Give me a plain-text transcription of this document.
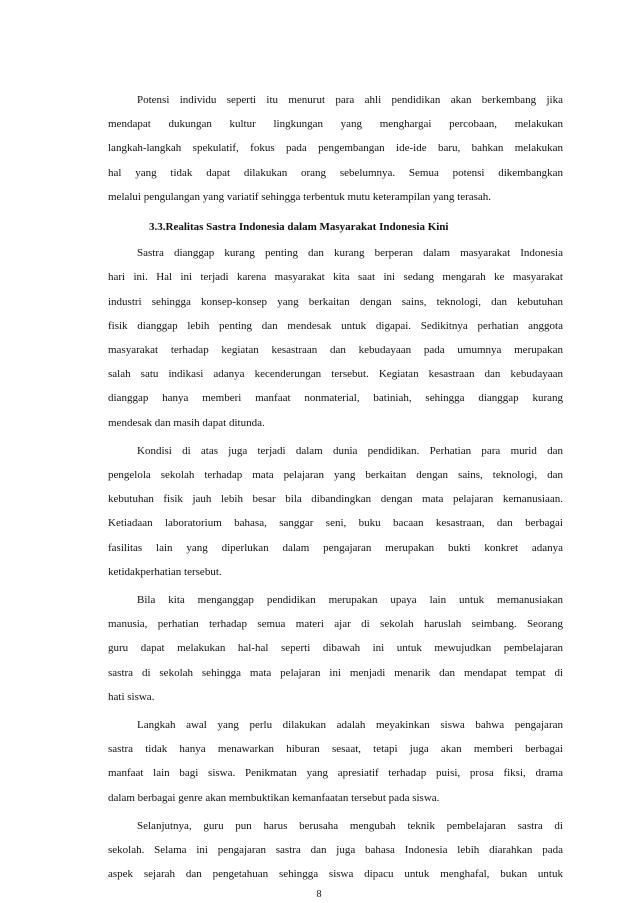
Potensi individu seperti itu menurut para ahli pendidikan akan berkembang jika
mendapat dukungan kultur lingkungan yang menghargai percobaan, melakukan
langkah-langkah spekulatif, fokus pada pengembangan ide-ide baru, bahkan melakukan
hal yang tidak dapat dilakukan orang sebelumnya. Semua potensi dikembangkan
melalui pengulangan yang variatif sehingga terbentuk mutu keterampilan yang terasah.
3.3.Realitas Sastra Indonesia dalam Masyarakat Indonesia Kini
Sastra dianggap kurang penting dan kurang berperan dalam masyarakat Indonesia
hari ini. Hal ini terjadi karena masyarakat kita saat ini sedang mengarah ke masyarakat
industri sehingga konsep-konsep yang berkaitan dengan sains, teknologi, dan kebutuhan
fisik dianggap lebih penting dan mendesak untuk digapai. Sedikitnya perhatian anggota
masyarakat terhadap kegiatan kesastraan dan kebudayaan pada umumnya merupakan
salah satu indikasi adanya kecenderungan tersebut. Kegiatan kesastraan dan kebudayaan
dianggap hanya memberi manfaat nonmaterial, batiniah, sehingga dianggap kurang
mendesak dan masih dapat ditunda.
Kondisi di atas juga terjadi dalam dunia pendidikan. Perhatian para murid dan
pengelola sekolah terhadap mata pelajaran yang berkaitan dengan sains, teknologi, dan
kebutuhan fisik jauh lebih besar bila dibandingkan dengan mata pelajaran kemanusiaan.
Ketiadaan laboratorium bahasa, sanggar seni, buku bacaan kesastraan, dan berbagai
fasilitas lain yang diperlukan dalam pengajaran merupakan bukti konkret adanya
ketidakperhatian tersebut.
Bila kita menganggap pendidikan merupakan upaya lain untuk memanusiakan
manusia, perhatian terhadap semua materi ajar di sekolah haruslah seimbang. Seorang
guru dapat melakukan hal-hal seperti dibawah ini untuk mewujudkan pembelajaran
sastra di sekolah sehingga mata pelajaran ini menjadi menarik dan mendapat tempat di
hati siswa.
Langkah awal yang perlu dilakukan adalah meyakinkan siswa bahwa pengajaran
sastra tidak hanya menawarkan hiburan sesaat, tetapi juga akan memberi berbagai
manfaat lain bagi siswa. Penikmatan yang apresiatif terhadap puisi, prosa fiksi, drama
dalam berbagai genre akan membuktikan kemanfaatan tersebut pada siswa.
Selanjutnya, guru pun harus berusaha mengubah teknik pembelajaran sastra di
sekolah. Selama ini pengajaran sastra dan juga bahasa Indonesia lebih diarahkan pada
aspek sejarah dan pengetahuan sehingga siswa dipacu untuk menghafal, bukan untuk
8
